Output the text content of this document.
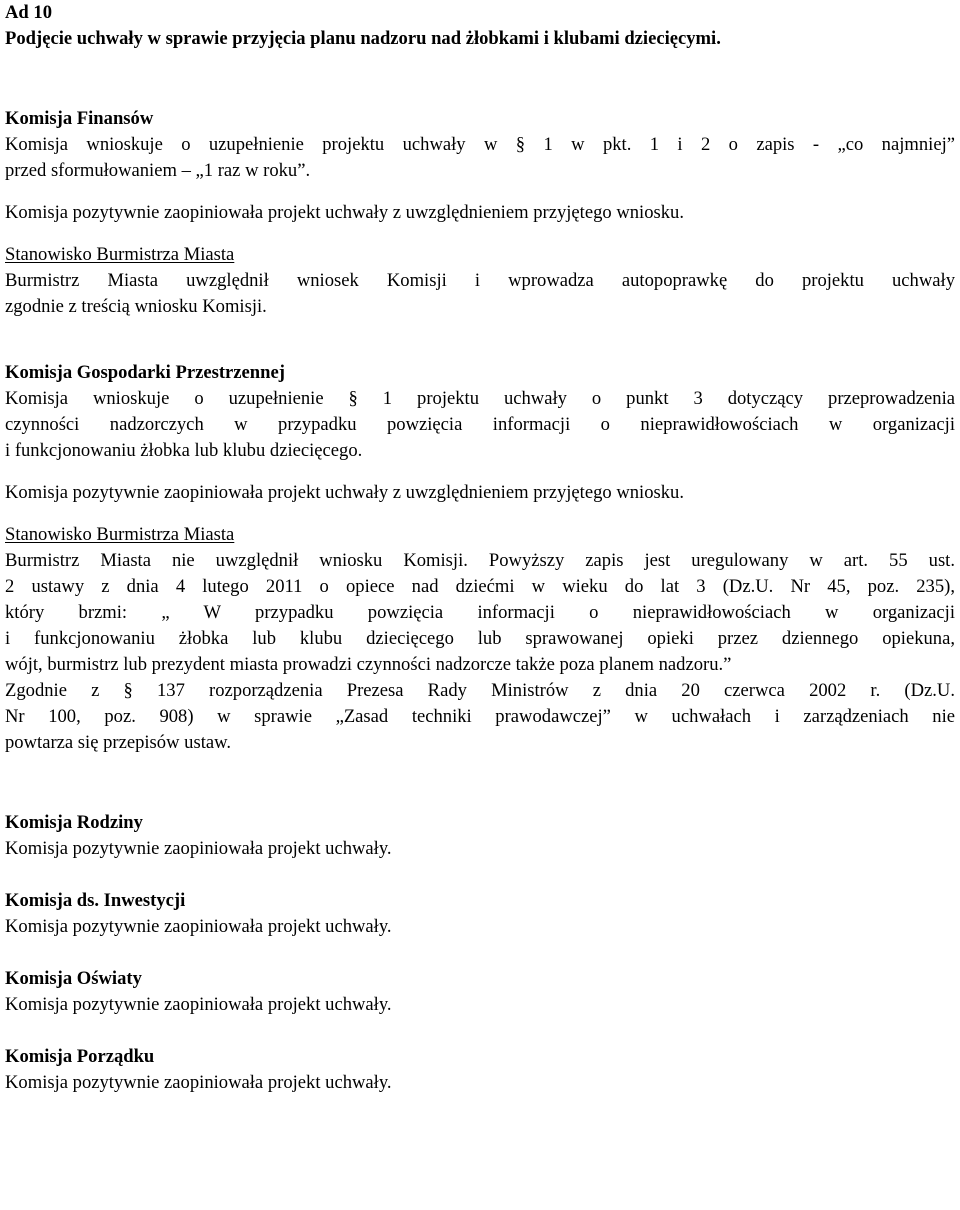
Ad 10
Podjęcie uchwały w sprawie przyjęcia planu nadzoru nad żłobkami i klubami dziecięcymi.
Komisja Finansów
Komisja wnioskuje o uzupełnienie projektu uchwały w § 1 w pkt. 1 i 2 o zapis - „co najmniej”
przed sformułowaniem – „1 raz w roku”.
Komisja pozytywnie zaopiniowała projekt uchwały z uwzględnieniem przyjętego wniosku.
Stanowisko Burmistrza Miasta
Burmistrz Miasta uwzględnił wniosek Komisji i wprowadza autopoprawkę do projektu uchwały
zgodnie z treścią wniosku Komisji.
Komisja Gospodarki Przestrzennej
Komisja wnioskuje o uzupełnienie § 1 projektu uchwały o punkt 3 dotyczący przeprowadzenia
czynności nadzorczych w przypadku powzięcia informacji o nieprawidłowościach w organizacji
i funkcjonowaniu żłobka lub klubu dziecięcego.
Komisja pozytywnie zaopiniowała projekt uchwały z uwzględnieniem przyjętego wniosku.
Stanowisko Burmistrza Miasta
Burmistrz Miasta nie uwzględnił wniosku Komisji. Powyższy zapis jest uregulowany w art. 55 ust.
2 ustawy z dnia 4 lutego 2011 o opiece nad dziećmi w wieku do lat 3 (Dz.U. Nr 45, poz. 235),
który brzmi: „ W przypadku powzięcia informacji o nieprawidłowościach w organizacji
i funkcjonowaniu żłobka lub klubu dziecięcego lub sprawowanej opieki przez dziennego opiekuna,
wójt, burmistrz lub prezydent miasta prowadzi czynności nadzorcze także poza planem nadzoru.”
Zgodnie z § 137 rozporządzenia Prezesa Rady Ministrów z dnia 20 czerwca 2002 r. (Dz.U.
Nr 100, poz. 908) w sprawie „Zasad techniki prawodawczej” w uchwałach i zarządzeniach nie
powtarza się przepisów ustaw.
Komisja Rodziny
Komisja pozytywnie zaopiniowała projekt uchwały.
Komisja ds. Inwestycji
Komisja pozytywnie zaopiniowała projekt uchwały.
Komisja Oświaty
Komisja pozytywnie zaopiniowała projekt uchwały.
Komisja Porządku
Komisja pozytywnie zaopiniowała projekt uchwały.
